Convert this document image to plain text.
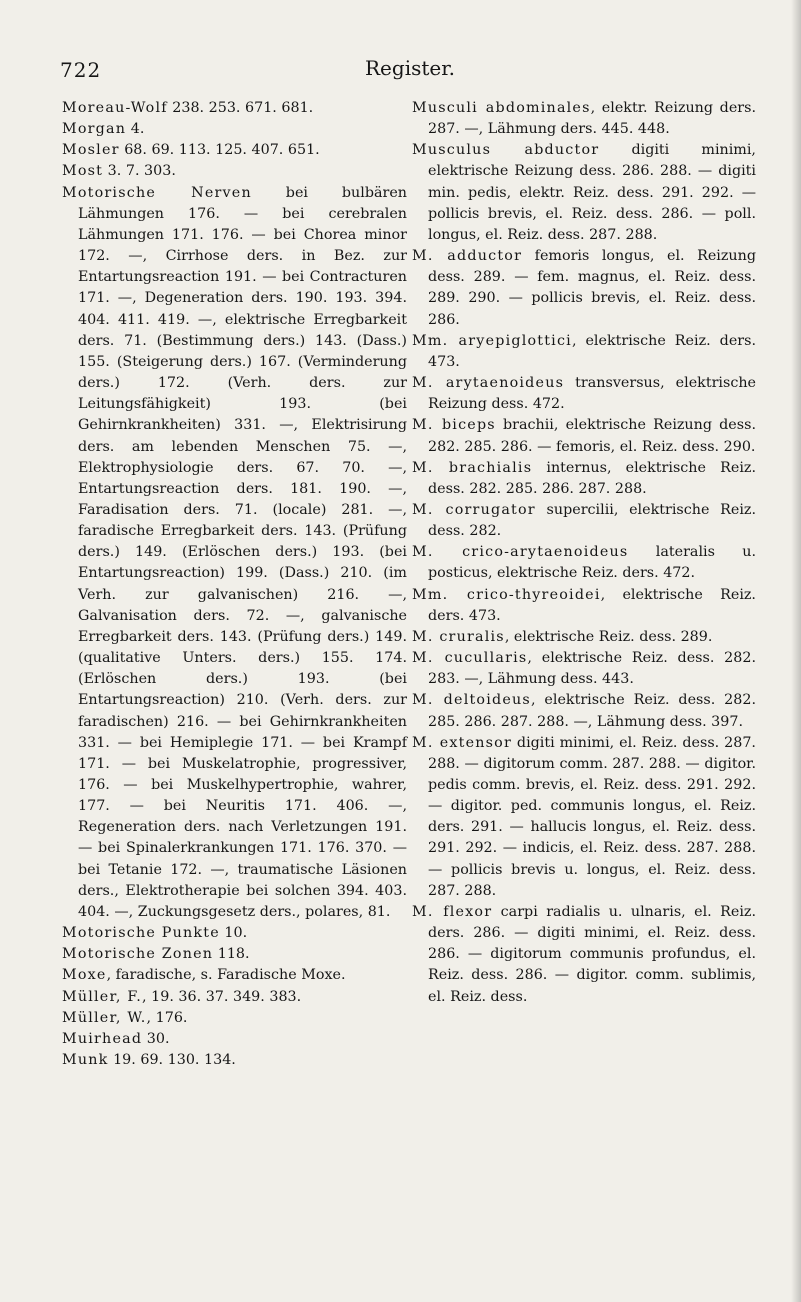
722	Register.

Moreau-Wolf 238. 253. 671. 681.

Morgan 4.

Mosler 68. 69. 113. 125. 407. 651.

Most 3. 7. 303.

Motorische Nerven bei bulbären Lähmungen 176. — bei cerebralen Lähmungen 171. 176. — bei Chorea minor 172. —, Cirrhose ders. in Bez. zur Entartungsreaction 191. — bei Contracturen 171. —, Degeneration ders. 190. 193. 394. 404. 411. 419. —, elektrische Erregbarkeit ders. 71. (Bestimmung ders.) 143. (Dass.) 155. (Steigerung ders.) 167. (Verminderung ders.) 172. (Verh. ders. zur Leitungsfähigkeit) 193. (bei Gehirnkrankheiten) 331. —, Elektrisirung ders. am lebenden Menschen 75. —, Elektrophysiologie ders. 67. 70. —, Entartungsreaction ders. 181. 190. —, Faradisation ders. 71. (locale) 281. —, faradische Erregbarkeit ders. 143. (Prüfung ders.) 149. (Erlöschen ders.) 193. (bei Entartungsreaction) 199. (Dass.) 210. (im Verh. zur galvanischen) 216. —, Galvanisation ders. 72. —, galvanische Erregbarkeit ders. 143. (Prüfung ders.) 149. (qualitative Unters. ders.) 155. 174. (Erlöschen ders.) 193. (bei Entartungsreaction) 210. (Verh. ders. zur faradischen) 216. — bei Gehirnkrankheiten 331. — bei Hemiplegie 171. — bei Krampf 171. — bei Muskelatrophie, progressiver, 176. — bei Muskelhypertrophie, wahrer, 177. — bei Neuritis 171. 406. —, Regeneration ders. nach Verletzungen 191. — bei Spinalerkrankungen 171. 176. 370. — bei Tetanie 172. —, traumatische Läsionen ders., Elektrotherapie bei solchen 394. 403. 404. —, Zuckungsgesetz ders., polares, 81.

Motorische Punkte 10.

Motorische Zonen 118.

Moxe, faradische, s. Faradische Moxe.

Müller, F., 19. 36. 37. 349. 383.

Müller, W., 176.

Muirhead 30.

Munk 19. 69. 130. 134.

Musculi abdominales, elektr. Reizung ders. 287. —, Lähmung ders. 445. 448.

Musculus abductor digiti minimi, elektrische Reizung dess. 286. 288. — digiti min. pedis, elektr. Reiz. dess. 291. 292. — pollicis brevis, el. Reiz. dess. 286. — poll. longus, el. Reiz. dess. 287. 288.

M. adductor femoris longus, el. Reizung dess. 289. — fem. magnus, el. Reiz. dess. 289. 290. — pollicis brevis, el. Reiz. dess. 286.

Mm. aryepiglottici, elektrische Reiz. ders. 473.

M. arytaenoideus transversus, elektrische Reizung dess. 472.

M. biceps brachii, elektrische Reizung dess. 282. 285. 286. — femoris, el. Reiz. dess. 290.

M. brachialis internus, elektrische Reiz. dess. 282. 285. 286. 287. 288.

M. corrugator supercilii, elektrische Reiz. dess. 282.

M. crico-arytaenoideus lateralis u. posticus, elektrische Reiz. ders. 472.

Mm. crico-thyreoidei, elektrische Reiz. ders. 473.

M. cruralis, elektrische Reiz. dess. 289.

M. cucullaris, elektrische Reiz. dess. 282. 283. —, Lähmung dess. 443.

M. deltoideus, elektrische Reiz. dess. 282. 285. 286. 287. 288. —, Lähmung dess. 397.

M. extensor digiti minimi, el. Reiz. dess. 287. 288. — digitorum comm. 287. 288. — digitor. pedis comm. brevis, el. Reiz. dess. 291. 292. — digitor. ped. communis longus, el. Reiz. ders. 291. — hallucis longus, el. Reiz. dess. 291. 292. — indicis, el. Reiz. dess. 287. 288. — pollicis brevis u. longus, el. Reiz. dess. 287. 288.

M. flexor carpi radialis u. ulnaris, el. Reiz. ders. 286. — digiti minimi, el. Reiz. dess. 286. — digitorum communis profundus, el. Reiz. dess. 286. — digitor. comm. sublimis, el. Reiz. dess.
